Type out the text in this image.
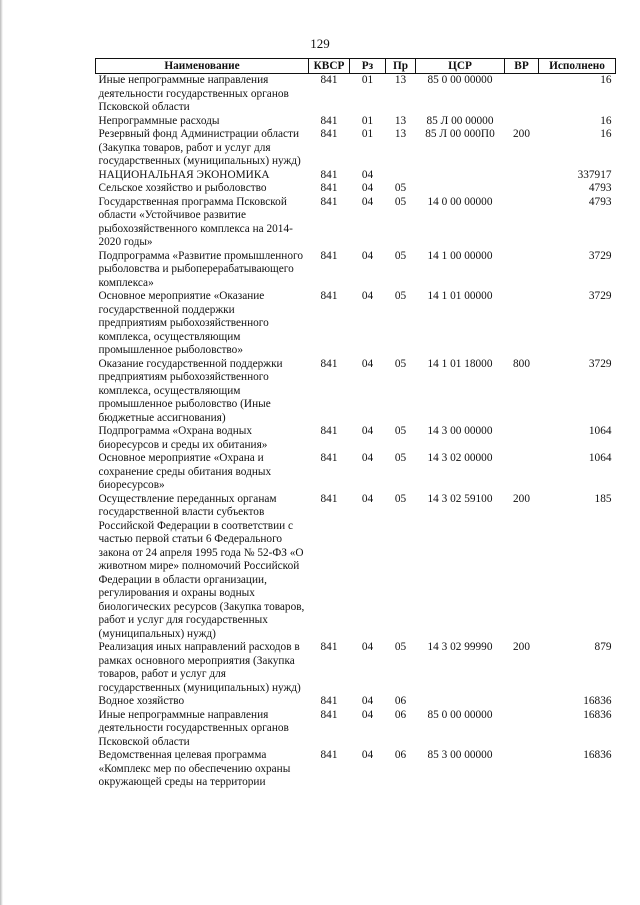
129
Наименование	КВСР	Рз	Пр	ЦСР	ВР	Исполнено
Иные непрограммные направления деятельности государственных органов Псковской области	841	01	13	85 0 00 00000		16
Непрограммные расходы	841	01	13	85 Л 00 00000		16
Резервный фонд Администрации области (Закупка товаров, работ и услуг для государственных (муниципальных) нужд)	841	01	13	85 Л 00 000П0	200	16
НАЦИОНАЛЬНАЯ ЭКОНОМИКА	841	04				337917
Сельское хозяйство и рыболовство	841	04	05			4793
Государственная программа Псковской области «Устойчивое развитие рыбохозяйственного комплекса на 2014-2020 годы»	841	04	05	14 0 00 00000		4793
Подпрограмма «Развитие промышленного рыболовства и рыбоперерабатывающего комплекса»	841	04	05	14 1 00 00000		3729
Основное мероприятие «Оказание государственной поддержки предприятиям рыбохозяйственного комплекса, осуществляющим промышленное рыболовство»	841	04	05	14 1 01 00000		3729
Оказание государственной поддержки предприятиям рыбохозяйственного комплекса, осуществляющим промышленное рыболовство (Иные бюджетные ассигнования)	841	04	05	14 1 01 18000	800	3729
Подпрограмма «Охрана водных биоресурсов и среды их обитания»	841	04	05	14 3 00 00000		1064
Основное мероприятие «Охрана и сохранение среды обитания водных биоресурсов»	841	04	05	14 3 02 00000		1064
Осуществление переданных органам государственной власти субъектов Российской Федерации в соответствии с частью первой статьи 6 Федерального закона от 24 апреля 1995 года № 52-ФЗ «О животном мире» полномочий Российской Федерации в области организации, регулирования и охраны водных биологических ресурсов (Закупка товаров, работ и услуг для государственных (муниципальных) нужд)	841	04	05	14 3 02 59100	200	185
Реализация иных направлений расходов в рамках основного мероприятия (Закупка товаров, работ и услуг для государственных (муниципальных) нужд)	841	04	05	14 3 02 99990	200	879
Водное хозяйство	841	04	06			16836
Иные непрограммные направления деятельности государственных органов Псковской области	841	04	06	85 0 00 00000		16836
Ведомственная целевая программа «Комплекс мер по обеспечению охраны окружающей среды на территории	841	04	06	85 3 00 00000		16836
